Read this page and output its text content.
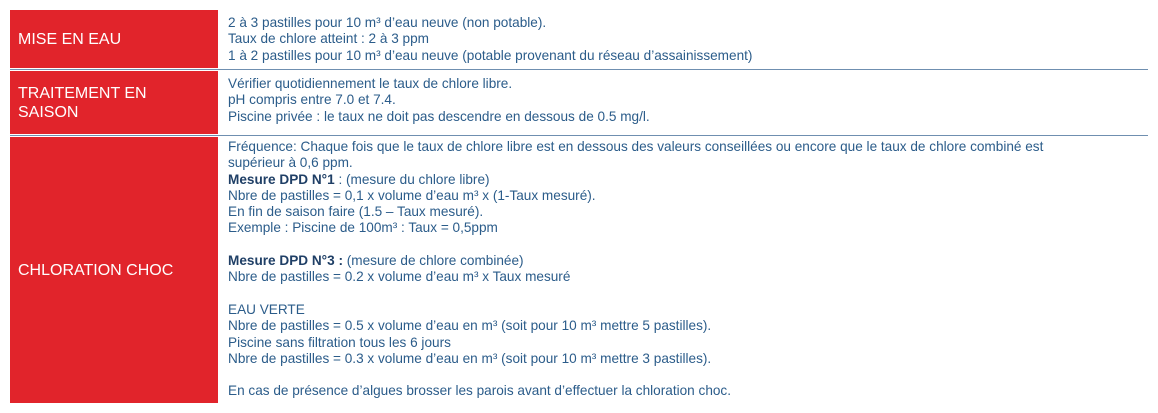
MISE EN EAU
2 à 3 pastilles pour 10 m³ d’eau neuve (non potable).
Taux de chlore atteint : 2 à 3 ppm
1 à 2 pastilles pour 10 m³ d’eau neuve (potable provenant du réseau d’assainissement)
TRAITEMENT EN SAISON
Vérifier quotidiennement le taux de chlore libre.
pH compris entre 7.0 et 7.4.
Piscine privée : le taux ne doit pas descendre en dessous de 0.5 mg/l.
CHLORATION CHOC
Fréquence: Chaque fois que le taux de chlore libre est en dessous des valeurs conseillées ou encore que le taux de chlore combiné est supérieur à 0,6 ppm.
Mesure DPD N°1 : (mesure du chlore libre)
Nbre de pastilles = 0,1 x volume d’eau m³ x (1-Taux mesuré).
En fin de saison faire (1.5 – Taux mesuré).
Exemple : Piscine de 100m³ : Taux = 0,5ppm
Mesure DPD N°3 : (mesure de chlore combinée)
Nbre de pastilles = 0.2 x volume d’eau m³ x Taux mesuré
EAU VERTE
Nbre de pastilles = 0.5 x volume d’eau en m³ (soit pour 10 m³ mettre 5 pastilles).
Piscine sans filtration tous les 6 jours
Nbre de pastilles = 0.3 x volume d’eau en m³ (soit pour 10 m³ mettre 3 pastilles).
En cas de présence d’algues brosser les parois avant d’effectuer la chloration choc.
